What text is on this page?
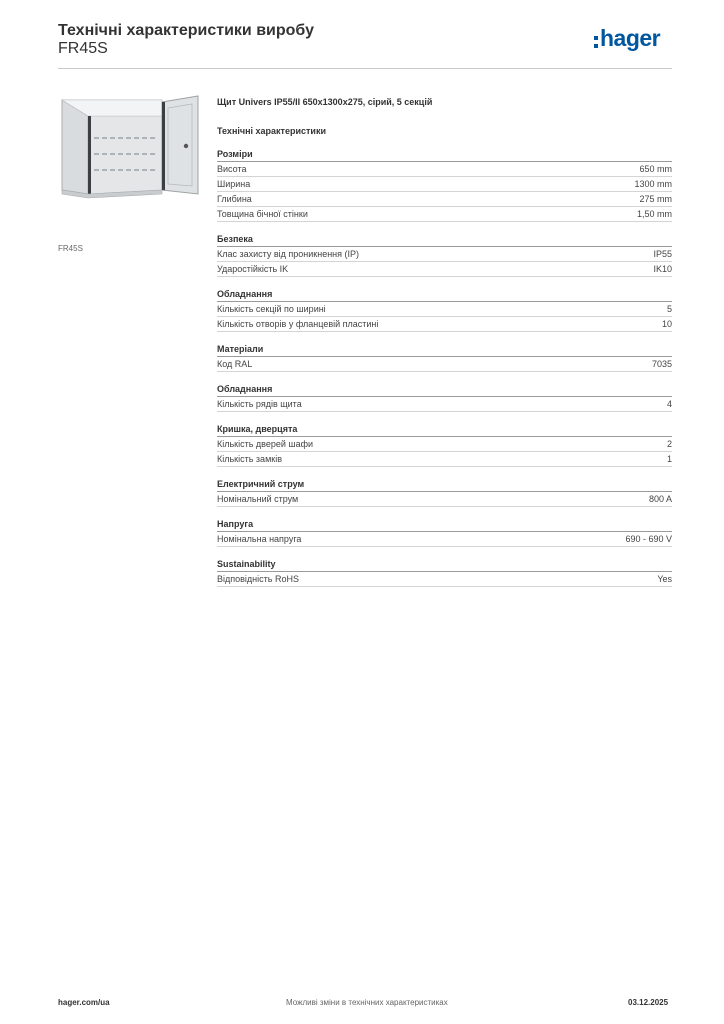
Технічні характеристики виробу
FR45S	hager
FR45S
Щит Univers IP55/II 650x1300x275, сірий, 5 секцій
Технічні характеристики
Розміри
Висота	650 mm
Ширина	1300 mm
Глибина	275 mm
Товщина бічної стінки	1,50 mm
Безпека
Клас захисту від проникнення (IP)	IP55
Ударостійкість IK	IK10
Обладнання
Кількість секцій по ширині	5
Кількість отворів у фланцевій пластині	10
Матеріали
Код RAL	7035
Обладнання
Кількість рядів щита	4
Кришка, дверцята
Кількість дверей шафи	2
Кількість замків	1
Електричний струм
Номінальний струм	800 A
Напруга
Номінальна напруга	690 - 690 V
Sustainability
Відповідність RoHS	Yes
hager.com/ua	Можливі зміни в технічних характеристиках	03.12.2025
